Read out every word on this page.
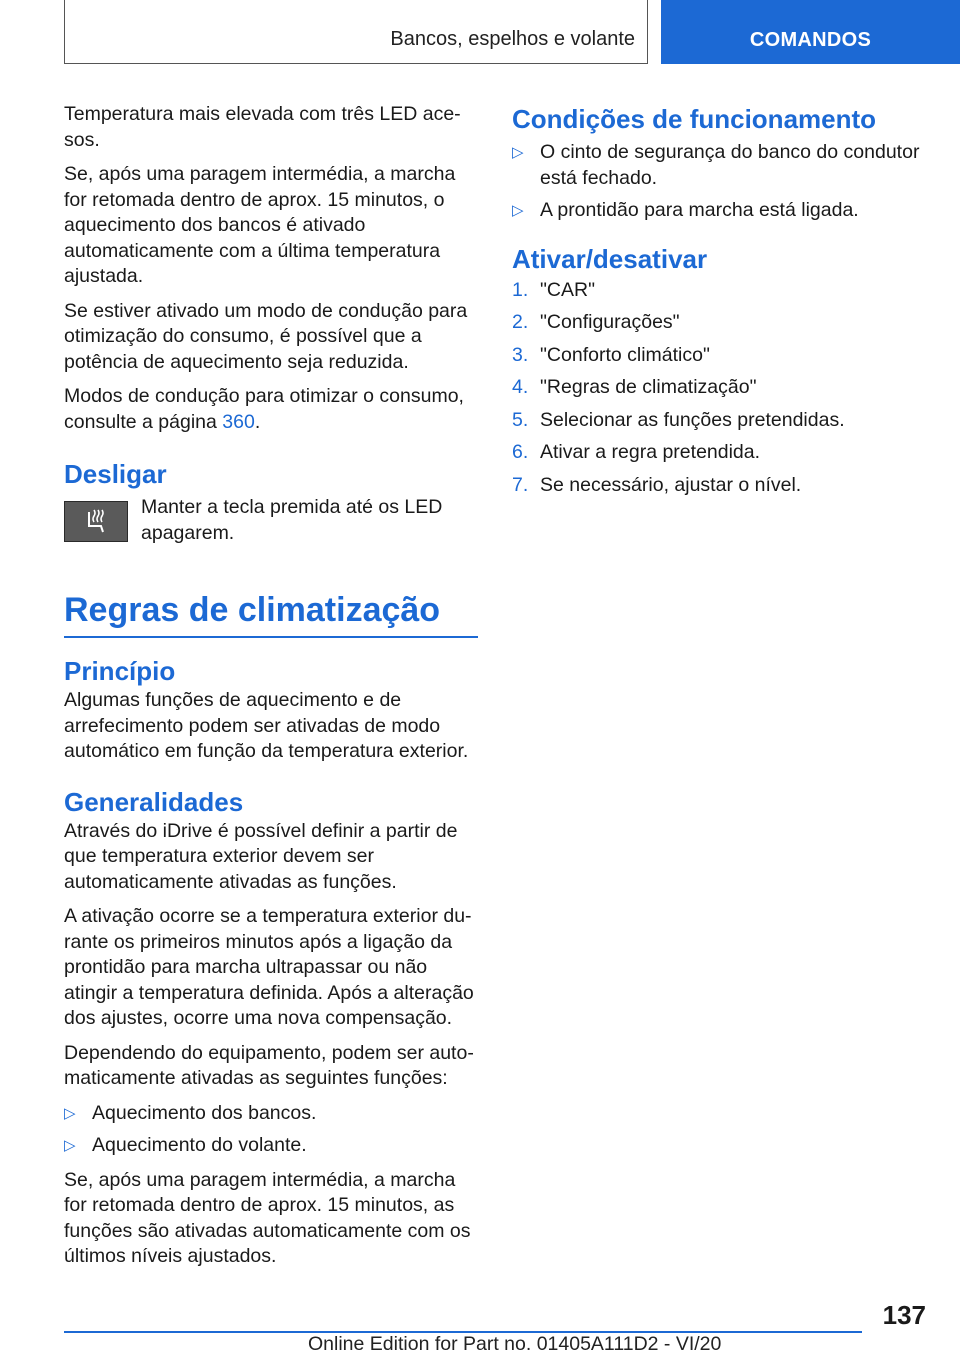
Bancos, espelhos e volante	COMANDOS

Temperatura mais elevada com três LED acesos.

Se, após uma paragem intermédia, a marcha for retomada dentro de aprox. 15 minutos, o aquecimento dos bancos é ativado automaticamente com a última temperatura ajustada.

Se estiver ativado um modo de condução para otimização do consumo, é possível que a potência de aquecimento seja reduzida.

Modos de condução para otimizar o consumo, consulte a página 360.

Desligar
Manter a tecla premida até os LED apagarem.
Regras de climatização
Princípio

Algumas funções de aquecimento e de arrefecimento podem ser ativadas de modo automático em função da temperatura exterior.

Generalidades

Através do iDrive é possível definir a partir de que temperatura exterior devem ser automaticamente ativadas as funções.

A ativação ocorre se a temperatura exterior durante os primeiros minutos após a ligação da prontidão para marcha ultrapassar ou não atingir a temperatura definida. Após a alteração dos ajustes, ocorre uma nova compensação.

Dependendo do equipamento, podem ser automaticamente ativadas as seguintes funções:

▷ Aquecimento dos bancos.
▷ Aquecimento do volante.

Se, após uma paragem intermédia, a marcha for retomada dentro de aprox. 15 minutos, as funções são ativadas automaticamente com os últimos níveis ajustados.

Condições de funcionamento
▷ O cinto de segurança do banco do condutor está fechado.
▷ A prontidão para marcha está ligada.
Ativar/desativar
1. "CAR"
2. "Configurações"
3. "Conforto climático"
4. "Regras de climatização"
5. Selecionar as funções pretendidas.
6. Ativar a regra pretendida.
7. Se necessário, ajustar o nível.
137
Online Edition for Part no. 01405A111D2 - VI/20
